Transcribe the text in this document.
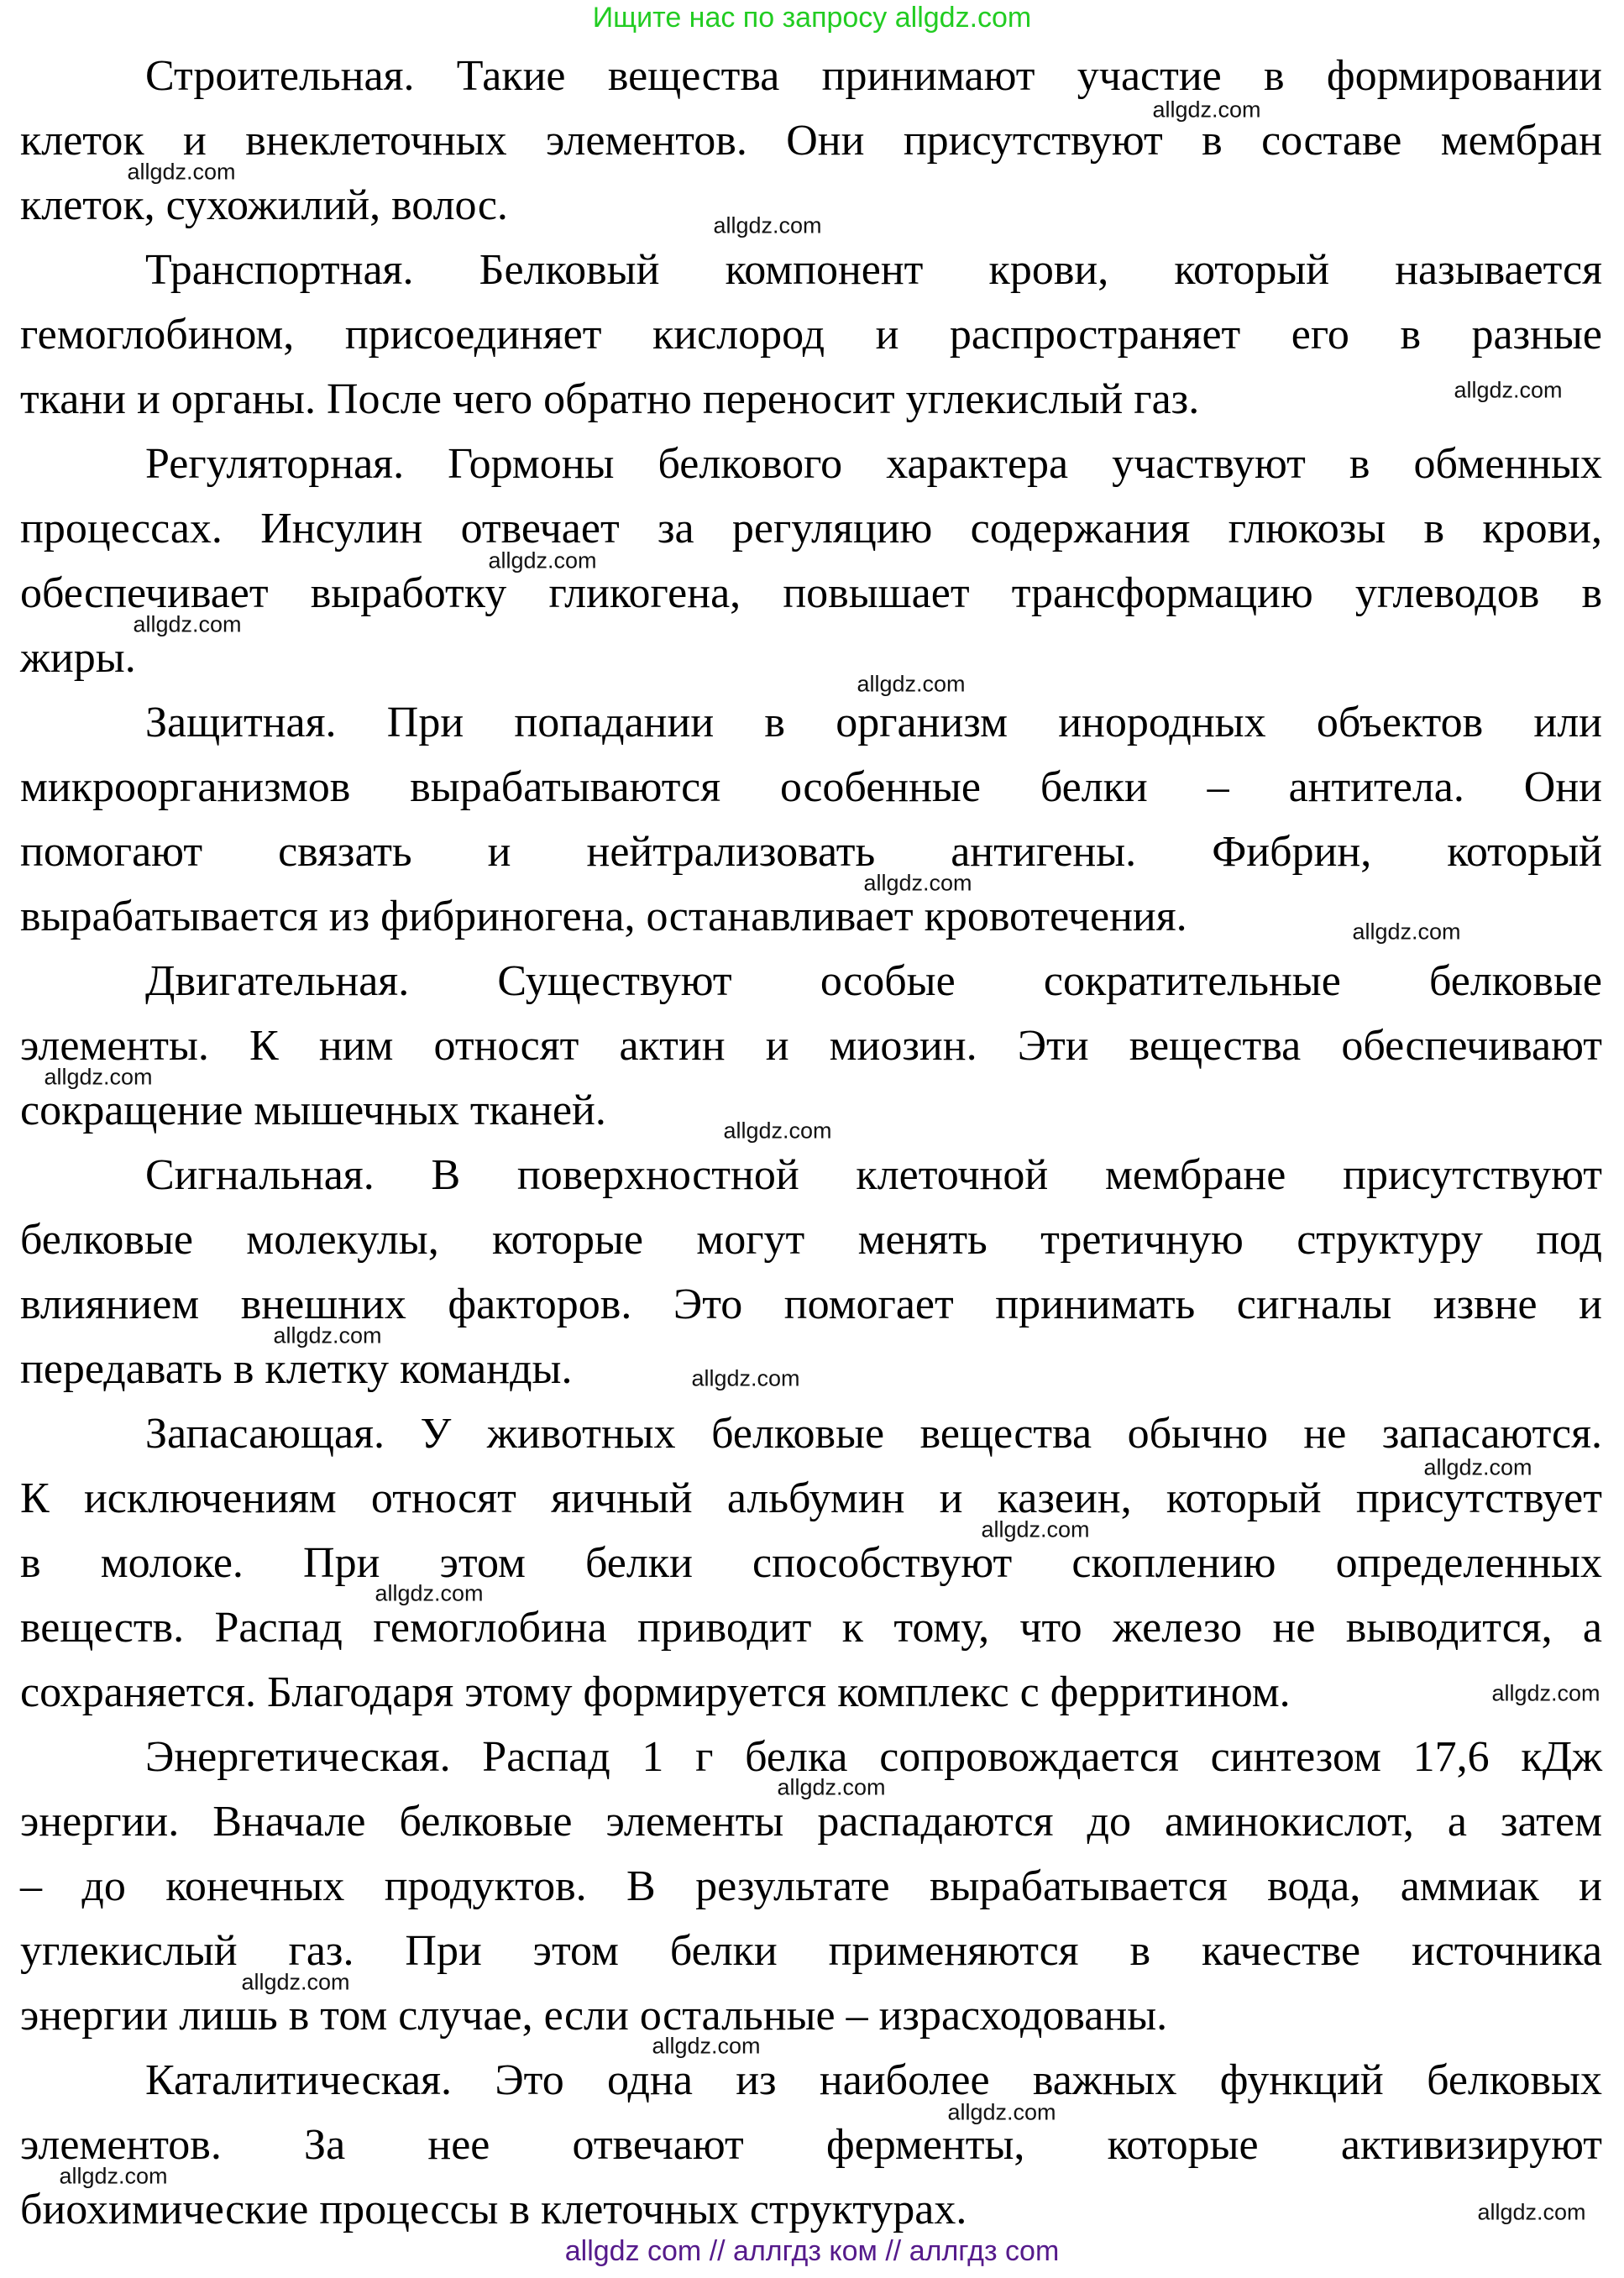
Ищите нас по запросу allgdz.com
Строительная. Такие вещества принимают участие в формировании
клеток и внеклеточных элементов. Они присутствуют в составе мембран
клеток, сухожилий, волос.
Транспортная. Белковый компонент крови, который называется
гемоглобином, присоединяет кислород и распространяет его в разные
ткани и органы. После чего обратно переносит углекислый газ.
Регуляторная. Гормоны белкового характера участвуют в обменных
процессах. Инсулин отвечает за регуляцию содержания глюкозы в крови,
обеспечивает выработку гликогена, повышает трансформацию углеводов в
жиры.
Защитная. При попадании в организм инородных объектов или
микроорганизмов вырабатываются особенные белки – антитела. Они
помогают связать и нейтрализовать антигены. Фибрин, который
вырабатывается из фибриногена, останавливает кровотечения.
Двигательная. Существуют особые сократительные белковые
элементы. К ним относят актин и миозин. Эти вещества обеспечивают
сокращение мышечных тканей.
Сигнальная. В поверхностной клеточной мембране присутствуют
белковые молекулы, которые могут менять третичную структуру под
влиянием внешних факторов. Это помогает принимать сигналы извне и
передавать в клетку команды.
Запасающая. У животных белковые вещества обычно не запасаются.
К исключениям относят яичный альбумин и казеин, который присутствует
в молоке. При этом белки способствуют скоплению определенных
веществ. Распад гемоглобина приводит к тому, что железо не выводится, а
сохраняется. Благодаря этому формируется комплекс с ферритином.
Энергетическая. Распад 1 г белка сопровождается синтезом 17,6 кДж
энергии. Вначале белковые элементы распадаются до аминокислот, а затем
– до конечных продуктов. В результате вырабатывается вода, аммиак и
углекислый газ. При этом белки применяются в качестве источника
энергии лишь в том случае, если остальные – израсходованы.
Каталитическая. Это одна из наиболее важных функций белковых
элементов. За нее отвечают ферменты, которые активизируют
биохимические процессы в клеточных структурах.
allgdz.com
allgdz.com
allgdz.com
allgdz.com
allgdz.com
allgdz.com
allgdz.com
allgdz.com
allgdz.com
allgdz.com
allgdz.com
allgdz.com
allgdz.com
allgdz.com
allgdz.com
allgdz.com
allgdz.com
allgdz.com
allgdz.com
allgdz.com
allgdz.com
allgdz.com
allgdz.com
allgdz com // аллгдз ком // аллгдз com
